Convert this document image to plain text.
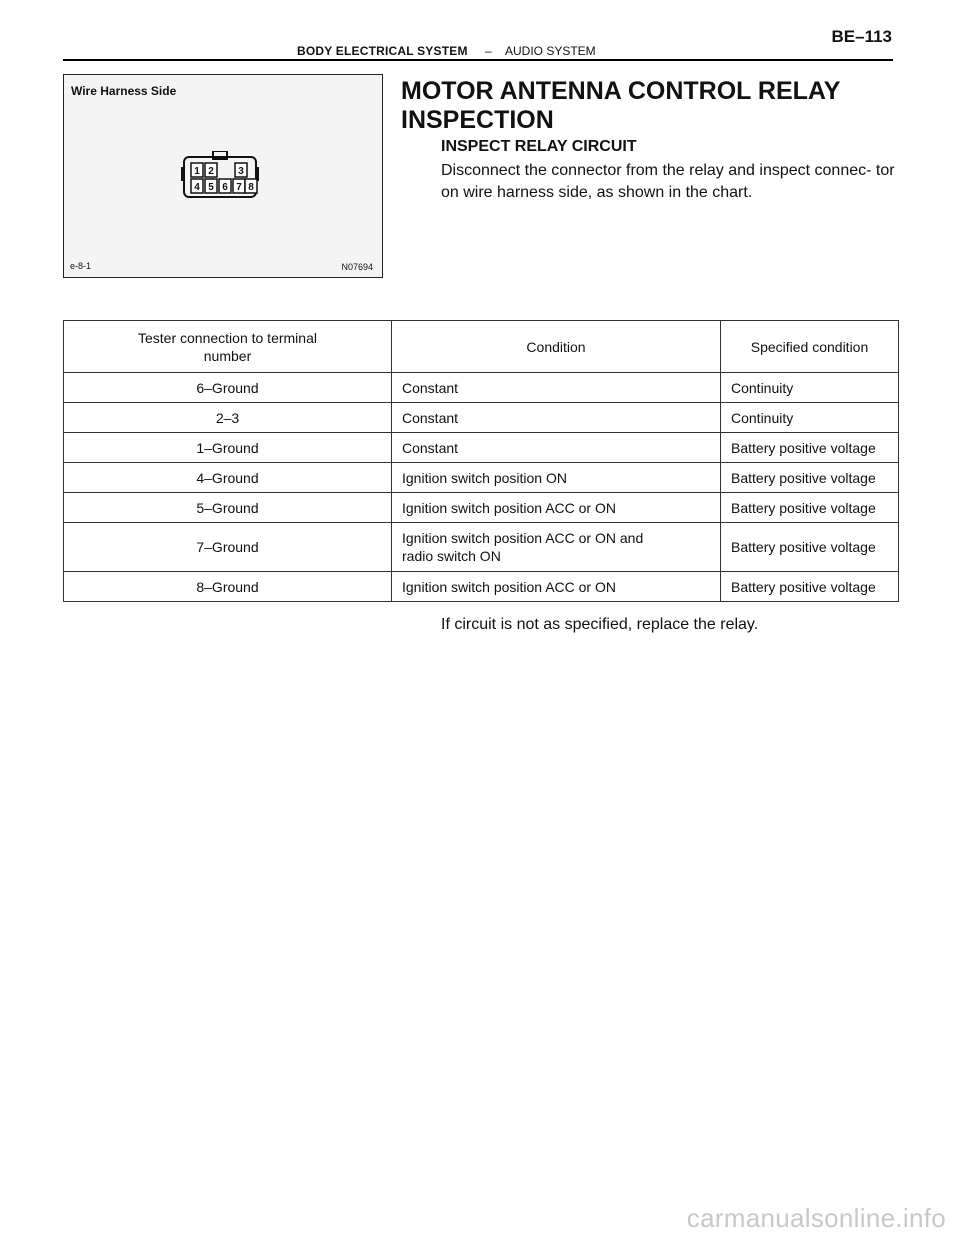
BODY ELECTRICAL SYSTEM – AUDIO SYSTEM
BE–113
Wire Harness Side
1 2 3
4 5 6 7 8
e-8-1	N07694
MOTOR ANTENNA CONTROL RELAY INSPECTION
INSPECT RELAY CIRCUIT

Disconnect the connector from the relay and inspect connec- tor on wire harness side, as shown in the chart.

Tester connection to terminal number	Condition	Specified condition
6–Ground	Constant	Continuity
2–3	Constant	Continuity
1–Ground	Constant	Battery positive voltage
4–Ground	Ignition switch position ON	Battery positive voltage
5–Ground	Ignition switch position ACC or ON	Battery positive voltage
7–Ground	Ignition switch position ACC or ON and radio switch ON	Battery positive voltage
8–Ground	Ignition switch position ACC or ON	Battery positive voltage
If circuit is not as specified, replace the relay.
carmanualsonline.info
